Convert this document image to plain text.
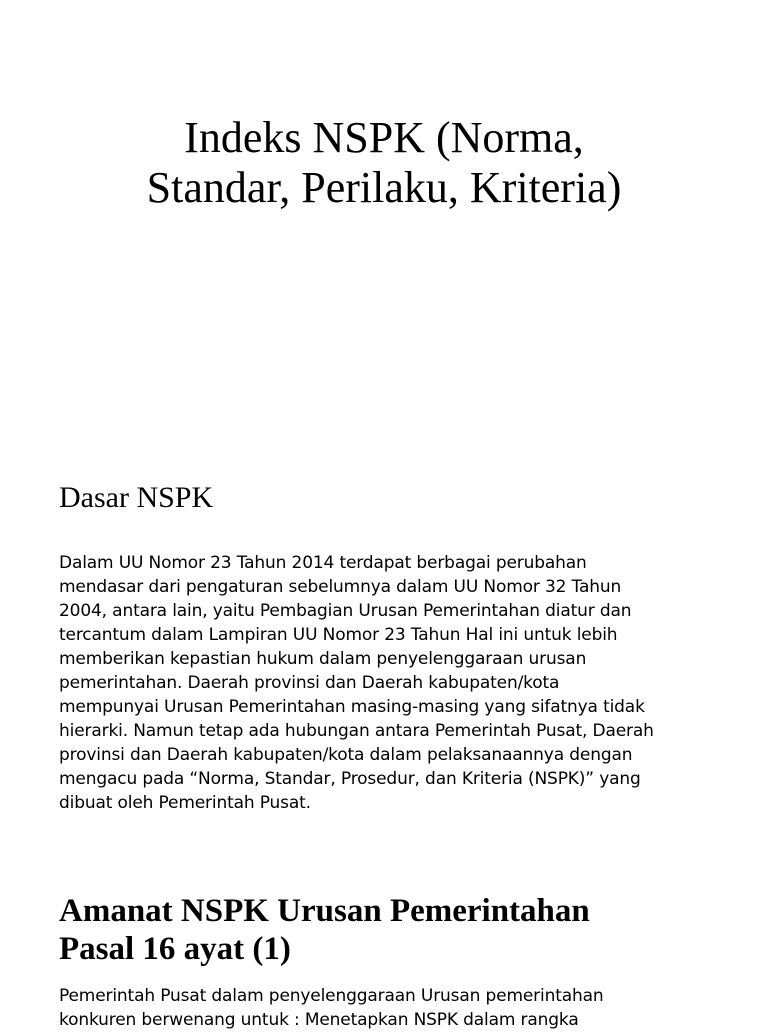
Indeks NSPK (Norma,
Standar, Perilaku, Kriteria)
Dasar NSPK
Dalam UU Nomor 23 Tahun 2014 terdapat berbagai perubahan
mendasar dari pengaturan sebelumnya dalam UU Nomor 32 Tahun
2004, antara lain, yaitu Pembagian Urusan Pemerintahan diatur dan
tercantum dalam Lampiran UU Nomor 23 Tahun Hal ini untuk lebih
memberikan kepastian hukum dalam penyelenggaraan urusan
pemerintahan. Daerah provinsi dan Daerah kabupaten/kota
mempunyai Urusan Pemerintahan masing-masing yang sifatnya tidak
hierarki. Namun tetap ada hubungan antara Pemerintah Pusat, Daerah
provinsi dan Daerah kabupaten/kota dalam pelaksanaannya dengan
mengacu pada “Norma, Standar, Prosedur, dan Kriteria (NSPK)” yang
dibuat oleh Pemerintah Pusat.
Amanat NSPK Urusan Pemerintahan
Pasal 16 ayat (1)
Pemerintah Pusat dalam penyelenggaraan Urusan pemerintahan
konkuren berwenang untuk : Menetapkan NSPK dalam rangka
